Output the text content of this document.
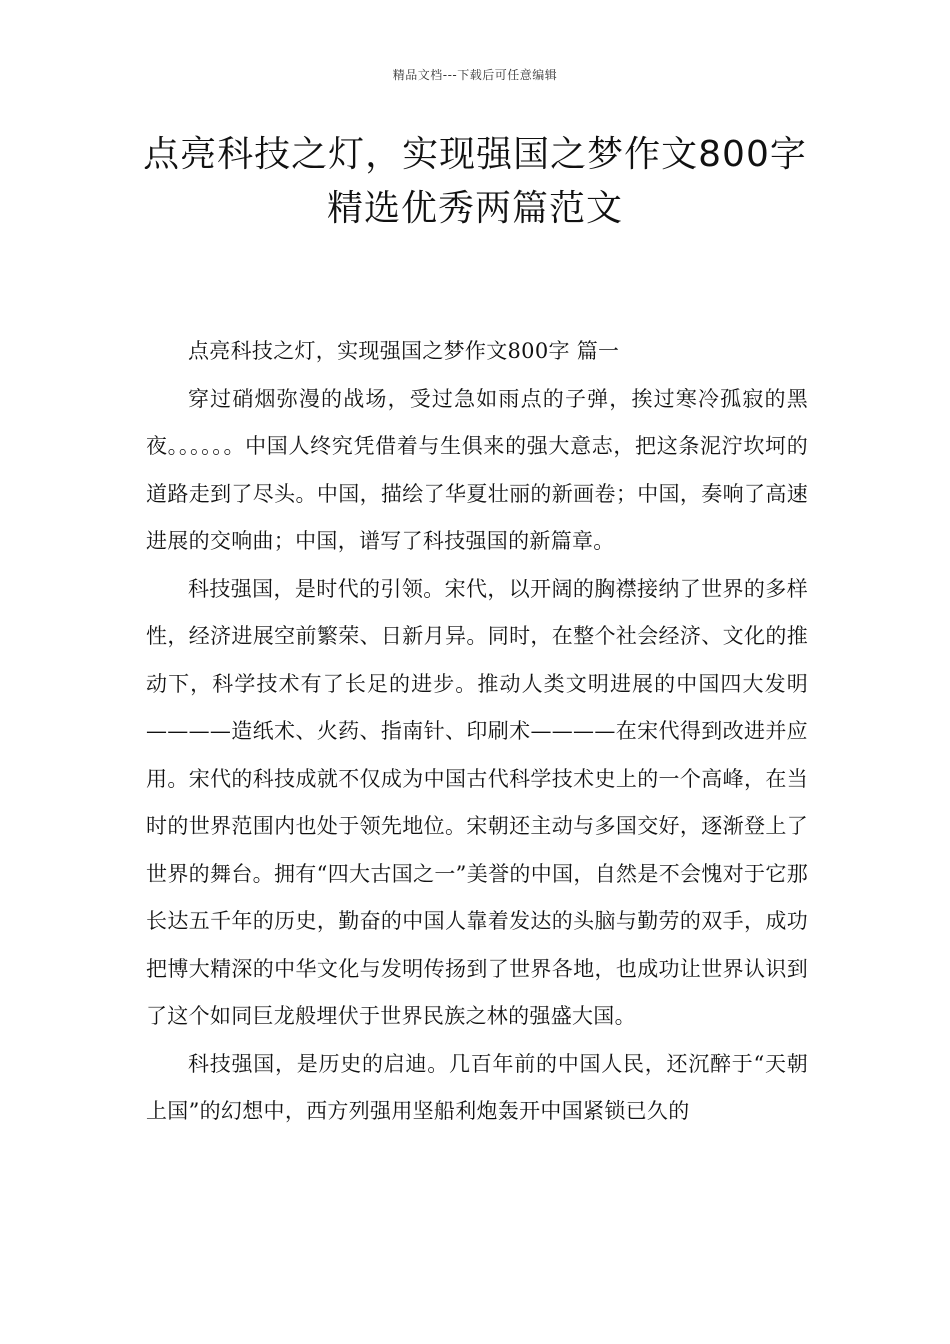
精品文档---下载后可任意编辑
点亮科技之灯，实现强国之梦作文800字精选优秀两篇范文

点亮科技之灯，实现强国之梦作文800字 篇一

穿过硝烟弥漫的战场，受过急如雨点的子弹，挨过寒冷孤寂的黑夜。。。。。。中国人终究凭借着与生俱来的强大意志，把这条泥泞坎坷的道路走到了尽头。中国，描绘了华夏壮丽的新画卷；中国，奏响了高速进展的交响曲；中国，谱写了科技强国的新篇章。

科技强国，是时代的引领。宋代，以开阔的胸襟接纳了世界的多样性，经济进展空前繁荣、日新月异。同时，在整个社会经济、文化的推动下，科学技术有了长足的进步。推动人类文明进展的中国四大发明————造纸术、火药、指南针、印刷术————在宋代得到改进并应用。宋代的科技成就不仅成为中国古代科学技术史上的一个高峰，在当时的世界范围内也处于领先地位。宋朝还主动与多国交好，逐渐登上了世界的舞台。拥有“四大古国之一”美誉的中国，自然是不会愧对于它那长达五千年的历史，勤奋的中国人靠着发达的头脑与勤劳的双手，成功把博大精深的中华文化与发明传扬到了世界各地，也成功让世界认识到了这个如同巨龙般埋伏于世界民族之林的强盛大国。

科技强国，是历史的启迪。几百年前的中国人民，还沉醉于“天朝上国”的幻想中，西方列强用坚船利炮轰开中国紧锁已久的
